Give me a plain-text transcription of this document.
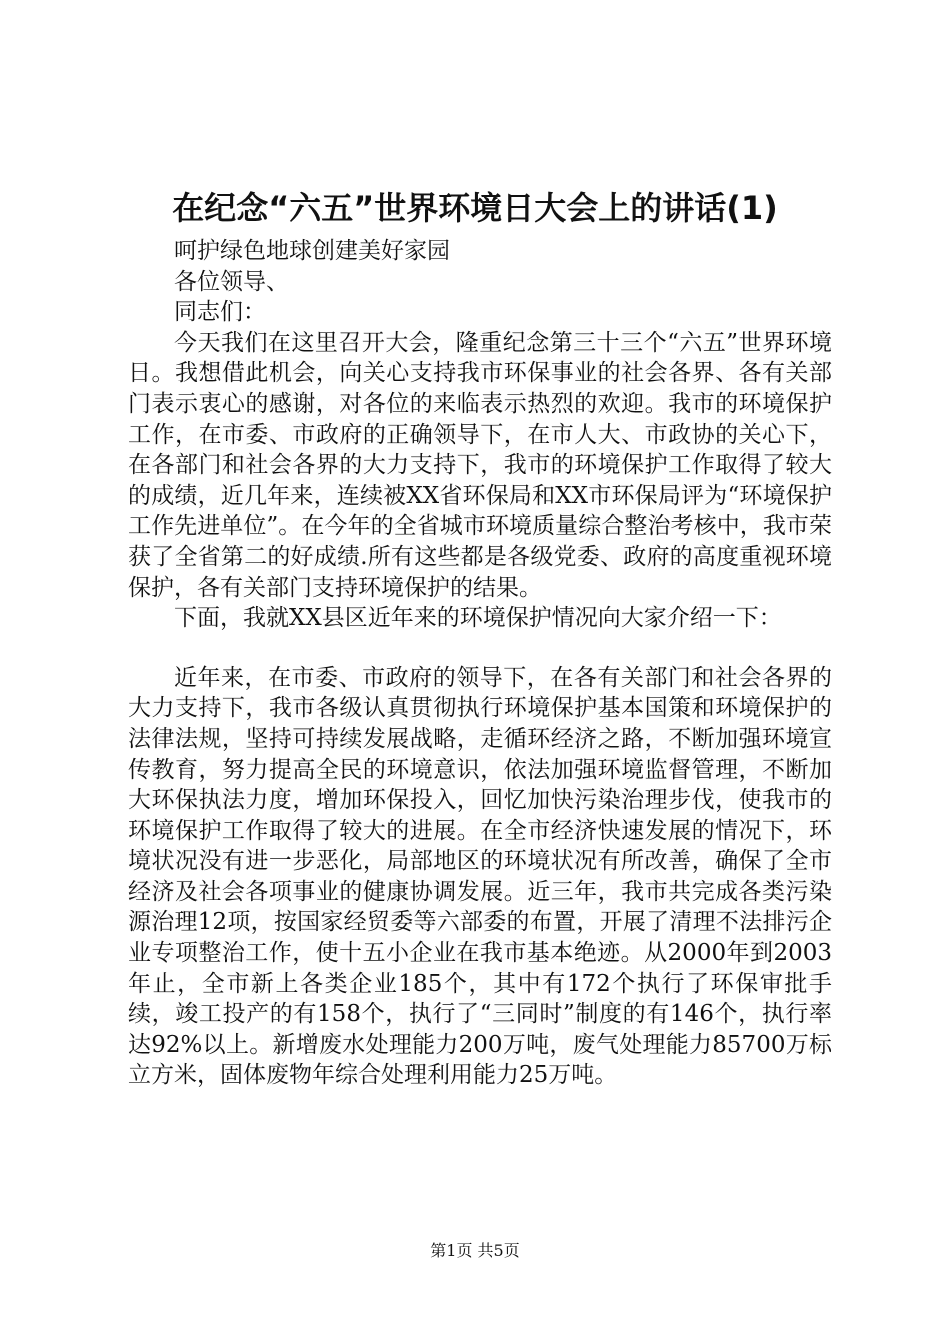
在纪念“六五”世界环境日大会上的讲话(1)

呵护绿色地球创建美好家园

各位领导、

同志们：

今天我们在这里召开大会，隆重纪念第三十三个“六五”世界环境日。我想借此机会，向关心支持我市环保事业的社会各界、各有关部门表示衷心的感谢，对各位的来临表示热烈的欢迎。我市的环境保护工作，在市委、市政府的正确领导下，在市人大、市政协的关心下，在各部门和社会各界的大力支持下，我市的环境保护工作取得了较大的成绩，近几年来，连续被XX省环保局和XX市环保局评为“环境保护工作先进单位”。在今年的全省城市环境质量综合整治考核中，我市荣获了全省第二的好成绩.所有这些都是各级党委、政府的高度重视环境保护，各有关部门支持环境保护的结果。

下面，我就XX县区近年来的环境保护情况向大家介绍一下：

近年来，在市委、市政府的领导下，在各有关部门和社会各界的大力支持下，我市各级认真贯彻执行环境保护基本国策和环境保护的法律法规，坚持可持续发展战略，走循环经济之路，不断加强环境宣传教育，努力提高全民的环境意识，依法加强环境监督管理，不断加大环保执法力度，增加环保投入，回忆加快污染治理步伐，使我市的环境保护工作取得了较大的进展。在全市经济快速发展的情况下，环境状况没有进一步恶化，局部地区的环境状况有所改善，确保了全市经济及社会各项事业的健康协调发展。近三年，我市共完成各类污染源治理12项，按国家经贸委等六部委的布置，开展了清理不法排污企业专项整治工作，使十五小企业在我市基本绝迹。从2000年到2003年止，全市新上各类企业185个，其中有172个执行了环保审批手续，竣工投产的有158个，执行了“三同时”制度的有146个，执行率达92%以上。新增废水处理能力200万吨，废气处理能力85700万标立方米，固体废物年综合处理利用能力25万吨。

第1页 共5页
